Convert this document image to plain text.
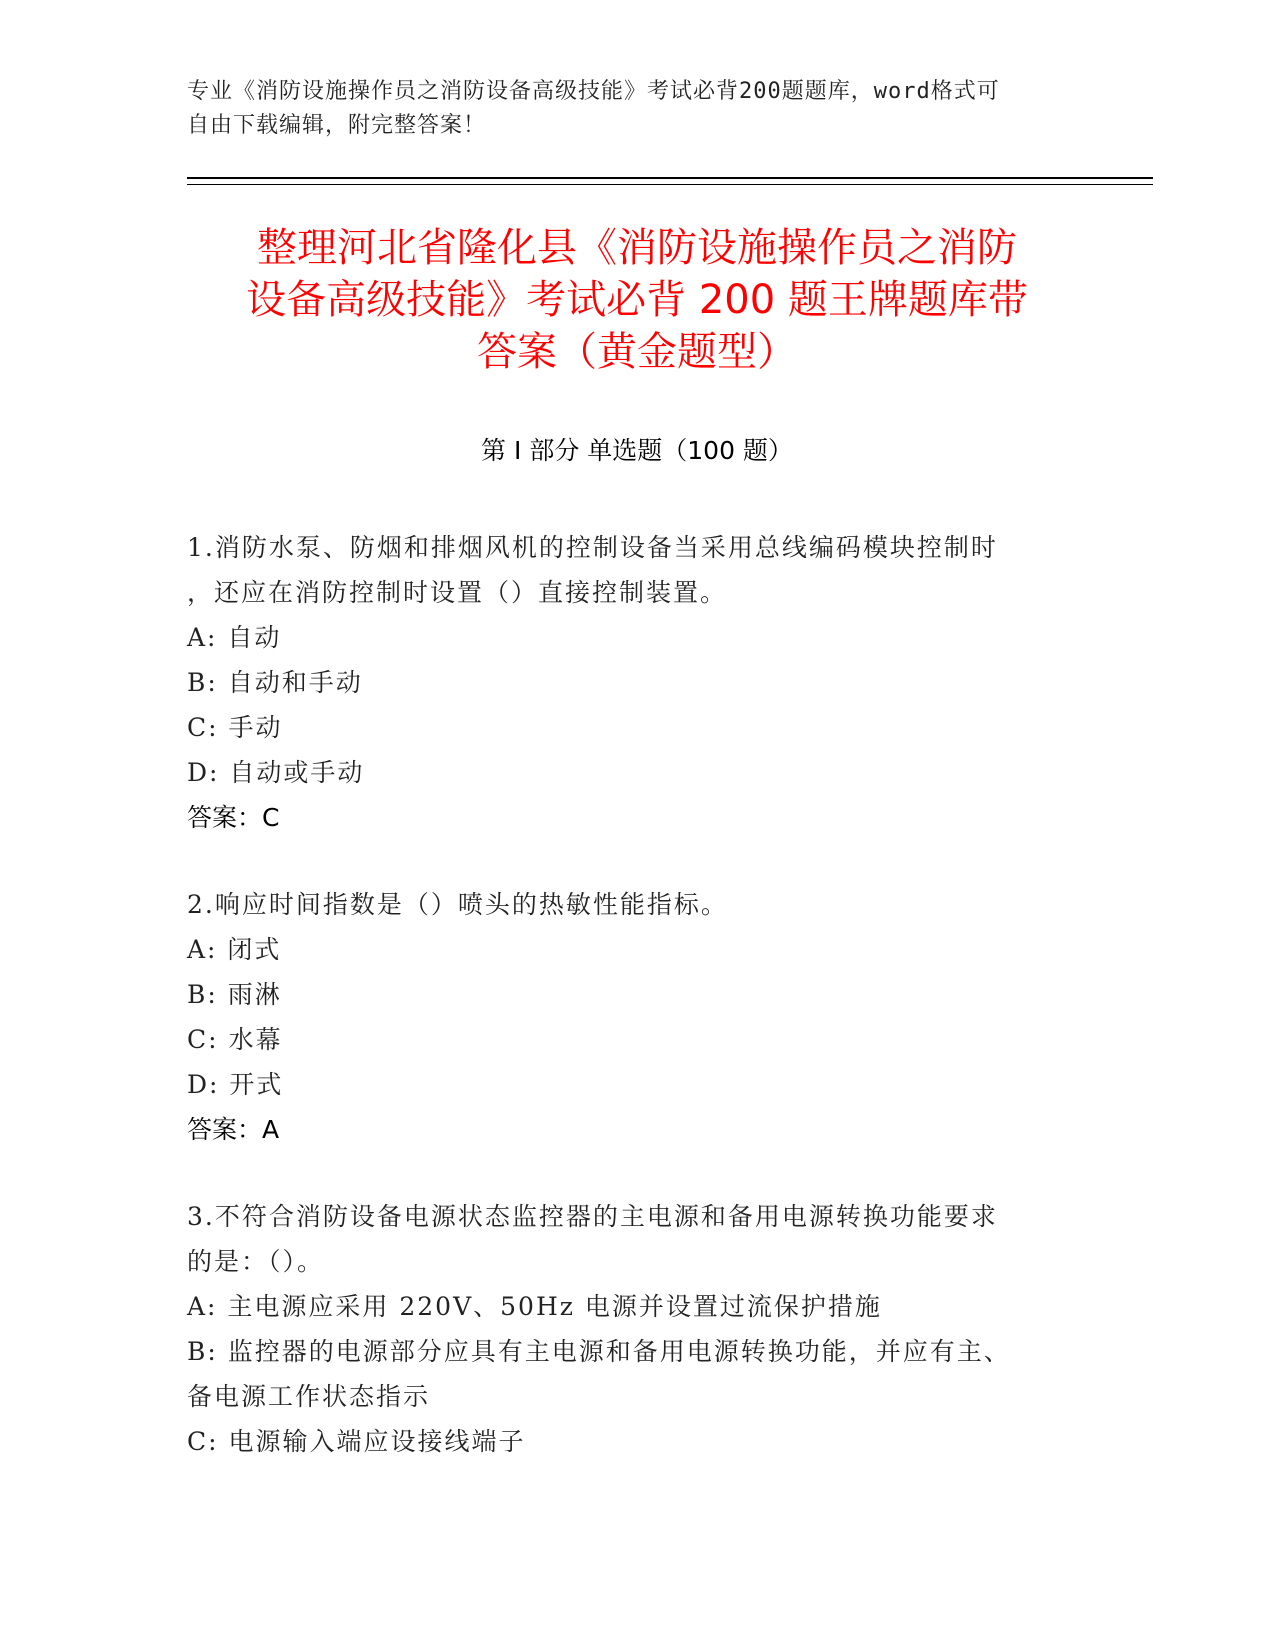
专业《消防设施操作员之消防设备高级技能》考试必背200题题库，word格式可
自由下载编辑，附完整答案！
整理河北省隆化县《消防设施操作员之消防
设备高级技能》考试必背 200 题王牌题库带
答案（黄金题型）
第 I 部分 单选题（100 题）

1.消防水泵、防烟和排烟风机的控制设备当采用总线编码模块控制时

，还应在消防控制时设置（）直接控制装置。

A: 自动

B: 自动和手动

C: 手动

D: 自动或手动

答案：C

2.响应时间指数是（）喷头的热敏性能指标。

A: 闭式

B: 雨淋

C: 水幕

D: 开式

答案：A

3.不符合消防设备电源状态监控器的主电源和备用电源转换功能要求

的是：（）。

A: 主电源应采用 220V、50Hz 电源并设置过流保护措施

B: 监控器的电源部分应具有主电源和备用电源转换功能，并应有主、

备电源工作状态指示

C: 电源输入端应设接线端子
